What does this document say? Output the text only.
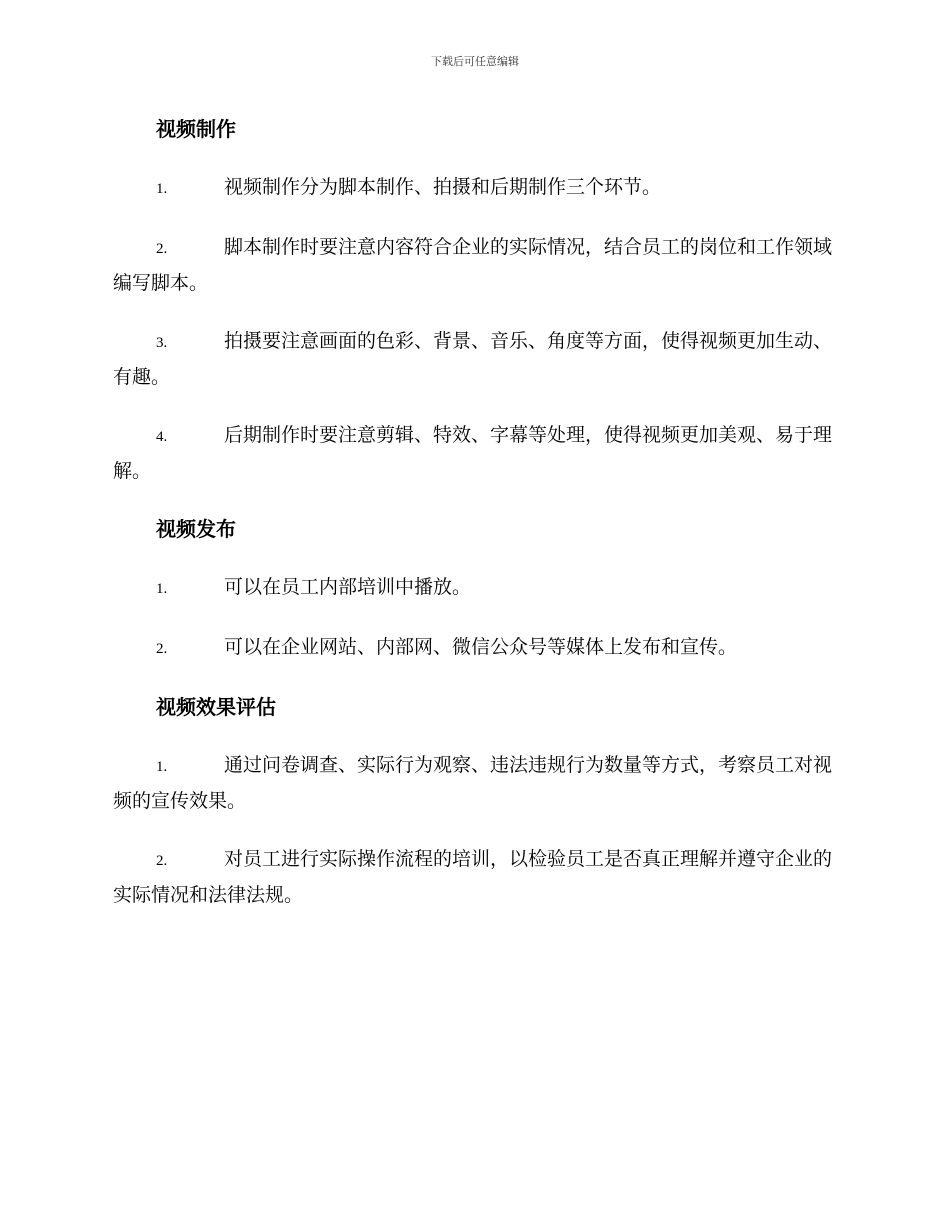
下载后可任意编辑
视频制作

1.	视频制作分为脚本制作、拍摄和后期制作三个环节。

2.	脚本制作时要注意内容符合企业的实际情况，结合员工的岗位和工作领域编写脚本。

3.	拍摄要注意画面的色彩、背景、音乐、角度等方面，使得视频更加生动、有趣。

4.	后期制作时要注意剪辑、特效、字幕等处理，使得视频更加美观、易于理解。

视频发布

1.	可以在员工内部培训中播放。

2.	可以在企业网站、内部网、微信公众号等媒体上发布和宣传。

视频效果评估

1.	通过问卷调查、实际行为观察、违法违规行为数量等方式，考察员工对视频的宣传效果。

2.	对员工进行实际操作流程的培训，以检验员工是否真正理解并遵守企业的实际情况和法律法规。
